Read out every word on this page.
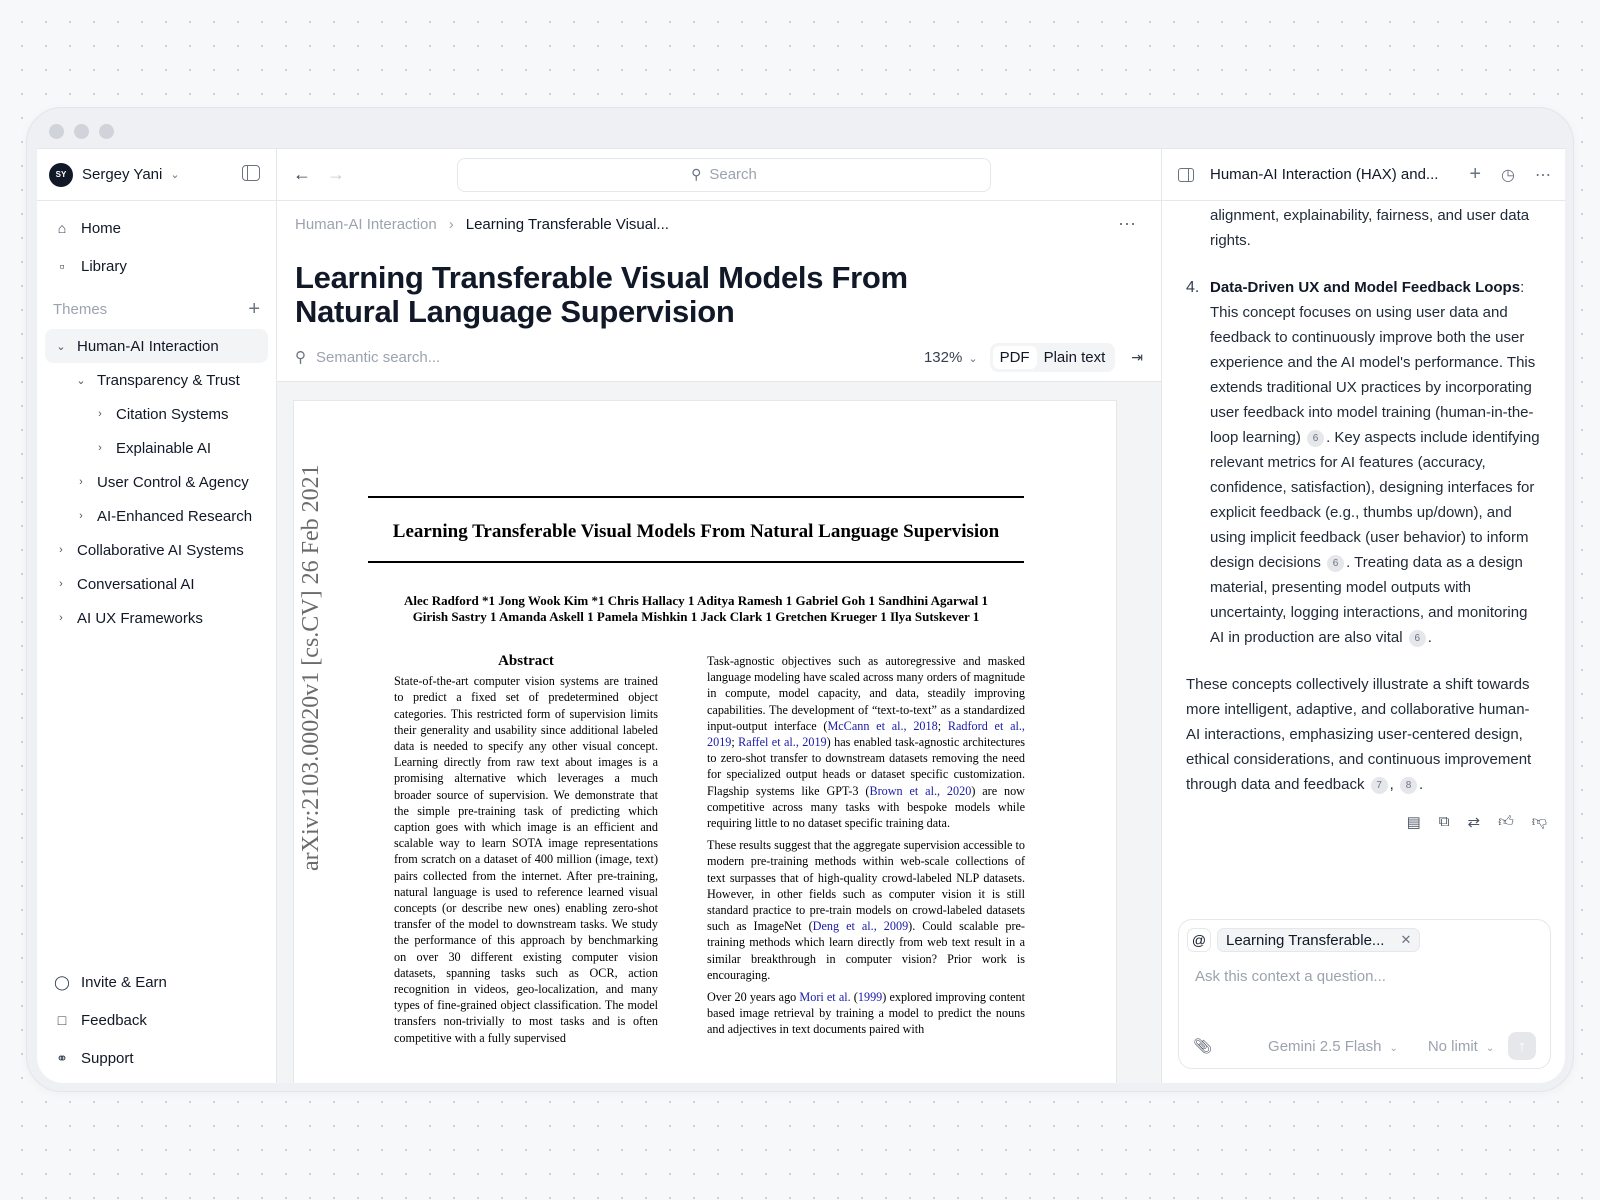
SY	Sergey Yani ⌄
⌂ Home
▫	Library
Themes	+
⌄ Human-AI Interaction
⌄ Transparency & Trust
› Citation Systems
› Explainable AI
› User Control & Agency
› AI-Enhanced Research
› Collaborative AI Systems
› Conversational AI
› AI UX Frameworks
◯ Invite & Earn
□ Feedback
⚭ Support
← →	⚲ Search
Human-AI Interaction › Learning Transferable Visual...	⋯
Learning Transferable Visual Models From
Natural Language Supervision
⚲ Semantic search...	132% ⌄	PDF Plain text	⇥
Learning Transferable Visual Models From Natural Language Supervision
Alec Radford *1 Jong Wook Kim *1 Chris Hallacy 1 Aditya Ramesh 1 Gabriel Goh 1 Sandhini Agarwal 1
Girish Sastry 1 Amanda Askell 1 Pamela Mishkin 1 Jack Clark 1 Gretchen Krueger 1 Ilya Sutskever 1
arXiv:2103.00020v1 [cs.CV] 26 Feb 2021	Abstract
State-of-the-art computer vision systems are trained to predict a fixed set of predetermined object categories. This restricted form of supervision limits their generality and usability since additional labeled data is needed to specify any other visual concept. Learning directly from raw text about images is a promising alternative which leverages a much broader source of supervision. We demonstrate that the simple pre-training task of predicting which caption goes with which image is an efficient and scalable way to learn SOTA image representations from scratch on a dataset of 400 million (image, text) pairs collected from the internet. After pre-training, natural language is used to reference learned visual concepts (or describe new ones) enabling zero-shot transfer of the model to downstream tasks. We study the performance of this approach by benchmarking on over 30 different existing computer vision datasets, spanning tasks such as OCR, action recognition in videos, geo-localization, and many types of fine-grained object classification. The model transfers non-trivially to most tasks and is often competitive with a fully supervised

Task-agnostic objectives such as autoregressive and masked language modeling have scaled across many orders of magnitude in compute, model capacity, and data, steadily improving capabilities. The development of “text-to-text” as a standardized input-output interface (McCann et al., 2018; Radford et al., 2019; Raffel et al., 2019) has enabled task-agnostic architectures to zero-shot transfer to downstream datasets removing the need for specialized output heads or dataset specific customization. Flagship systems like GPT-3 (Brown et al., 2020) are now competitive across many tasks with bespoke models while requiring little to no dataset specific training data.

These results suggest that the aggregate supervision accessible to modern pre-training methods within web-scale collections of text surpasses that of high-quality crowd-labeled NLP datasets. However, in other fields such as computer vision it is still standard practice to pre-train models on crowd-labeled datasets such as ImageNet (Deng et al., 2009). Could scalable pre-training methods which learn directly from web text result in a similar breakthrough in computer vision? Prior work is encouraging.

Over 20 years ago Mori et al. (1999) explored improving content based image retrieval by training a model to predict the nouns and adjectives in text documents paired with

Human-AI Interaction (HAX) and... + ◷ ⋯
alignment, explainability, fairness, and user data rights.
4. Data-Driven UX and Model Feedback Loops: This concept focuses on using user data and feedback to continuously improve both the user experience and the AI model's performance. This extends traditional UX practices by incorporating user feedback into model training (human-in-the-loop learning) 6 . Key aspects include identifying relevant metrics for AI features (accuracy, confidence, satisfaction), designing interfaces for explicit feedback (e.g., thumbs up/down), and using implicit feedback (user behavior) to inform design decisions 6 . Treating data as a design material, presenting model outputs with uncertainty, logging interactions, and monitoring AI in production are also vital 6 .
These concepts collectively illustrate a shift towards more intelligent, adaptive, and collaborative human-AI interactions, emphasizing user-centered design, ethical considerations, and continuous improvement through data and feedback 7 , 8 .
▤ ⧉ ⇄ 👍︎ 👎︎
@	Learning Transferable... ✕
Ask this context a question...
📎︎	Gemini 2.5 Flash ⌄ No limit ⌄ ↑
